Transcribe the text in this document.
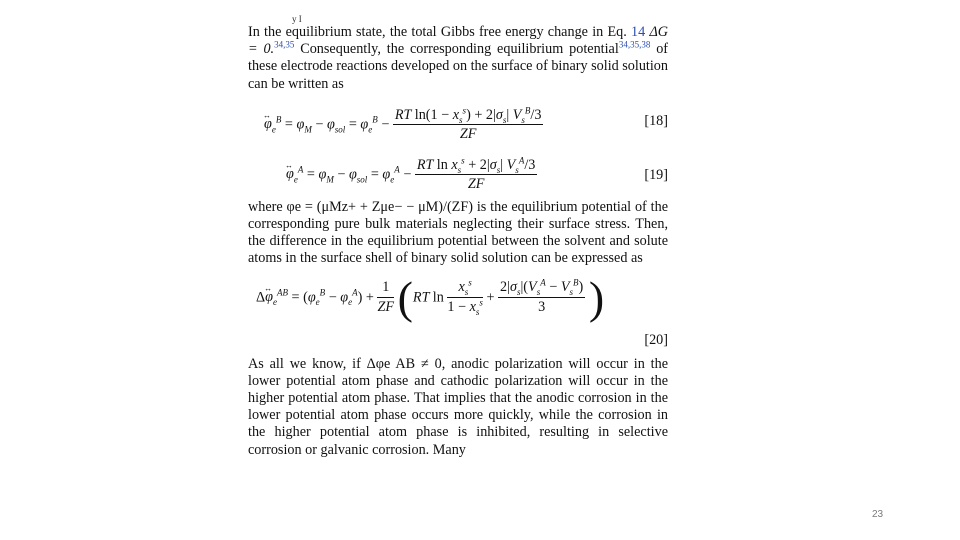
y I

In the equilibrium state, the total Gibbs free energy change in Eq. 14 ΔG = 0.$^{34,35}$ Consequently, the corresponding equilibrium potential$^{34,35,38}$ of these electrode reactions developed on the surface of binary solid solution can be written as

↔ $\varphi_e^B = \varphi_M - \varphi_{sol} = \varphi_e^B - \frac{RT \ln(1 - x_s^s) + 2|\sigma_s| V_s^B/3}{ZF}$	[18]
↔ $\varphi_e^A = \varphi_M - \varphi_{sol} = \varphi_e^A - \frac{RT \ln x_s^s + 2|\sigma_s| V_s^A/3}{ZF}$	[19]

where φe = (μMz+ + Zμe− − μM)/(ZF) is the equilibrium potential of the corresponding pure bulk materials neglecting their surface stress. Then, the difference in the equilibrium potential between the solvent and solute atoms in the surface shell of binary solid solution can be expressed as

Δ↔ $\varphi_e^{AB} = (\varphi_e^B - \varphi_e^A) + \frac{1}{ZF} (RT$ $\ln \frac{x_s^s}{1 - x_s^s} + \frac{2|\sigma_s|(V_s^A - V_s^B)}{3}$ )
[20]

As all we know, if Δφe AB ≠ 0, anodic polarization will occur in the lower potential atom phase and cathodic polarization will occur in the higher potential atom phase. That implies that the anodic corrosion in the lower potential atom phase occurs more quickly, while the corrosion in the higher potential atom phase is inhibited, resulting in selective corrosion or galvanic corrosion. Many

23
